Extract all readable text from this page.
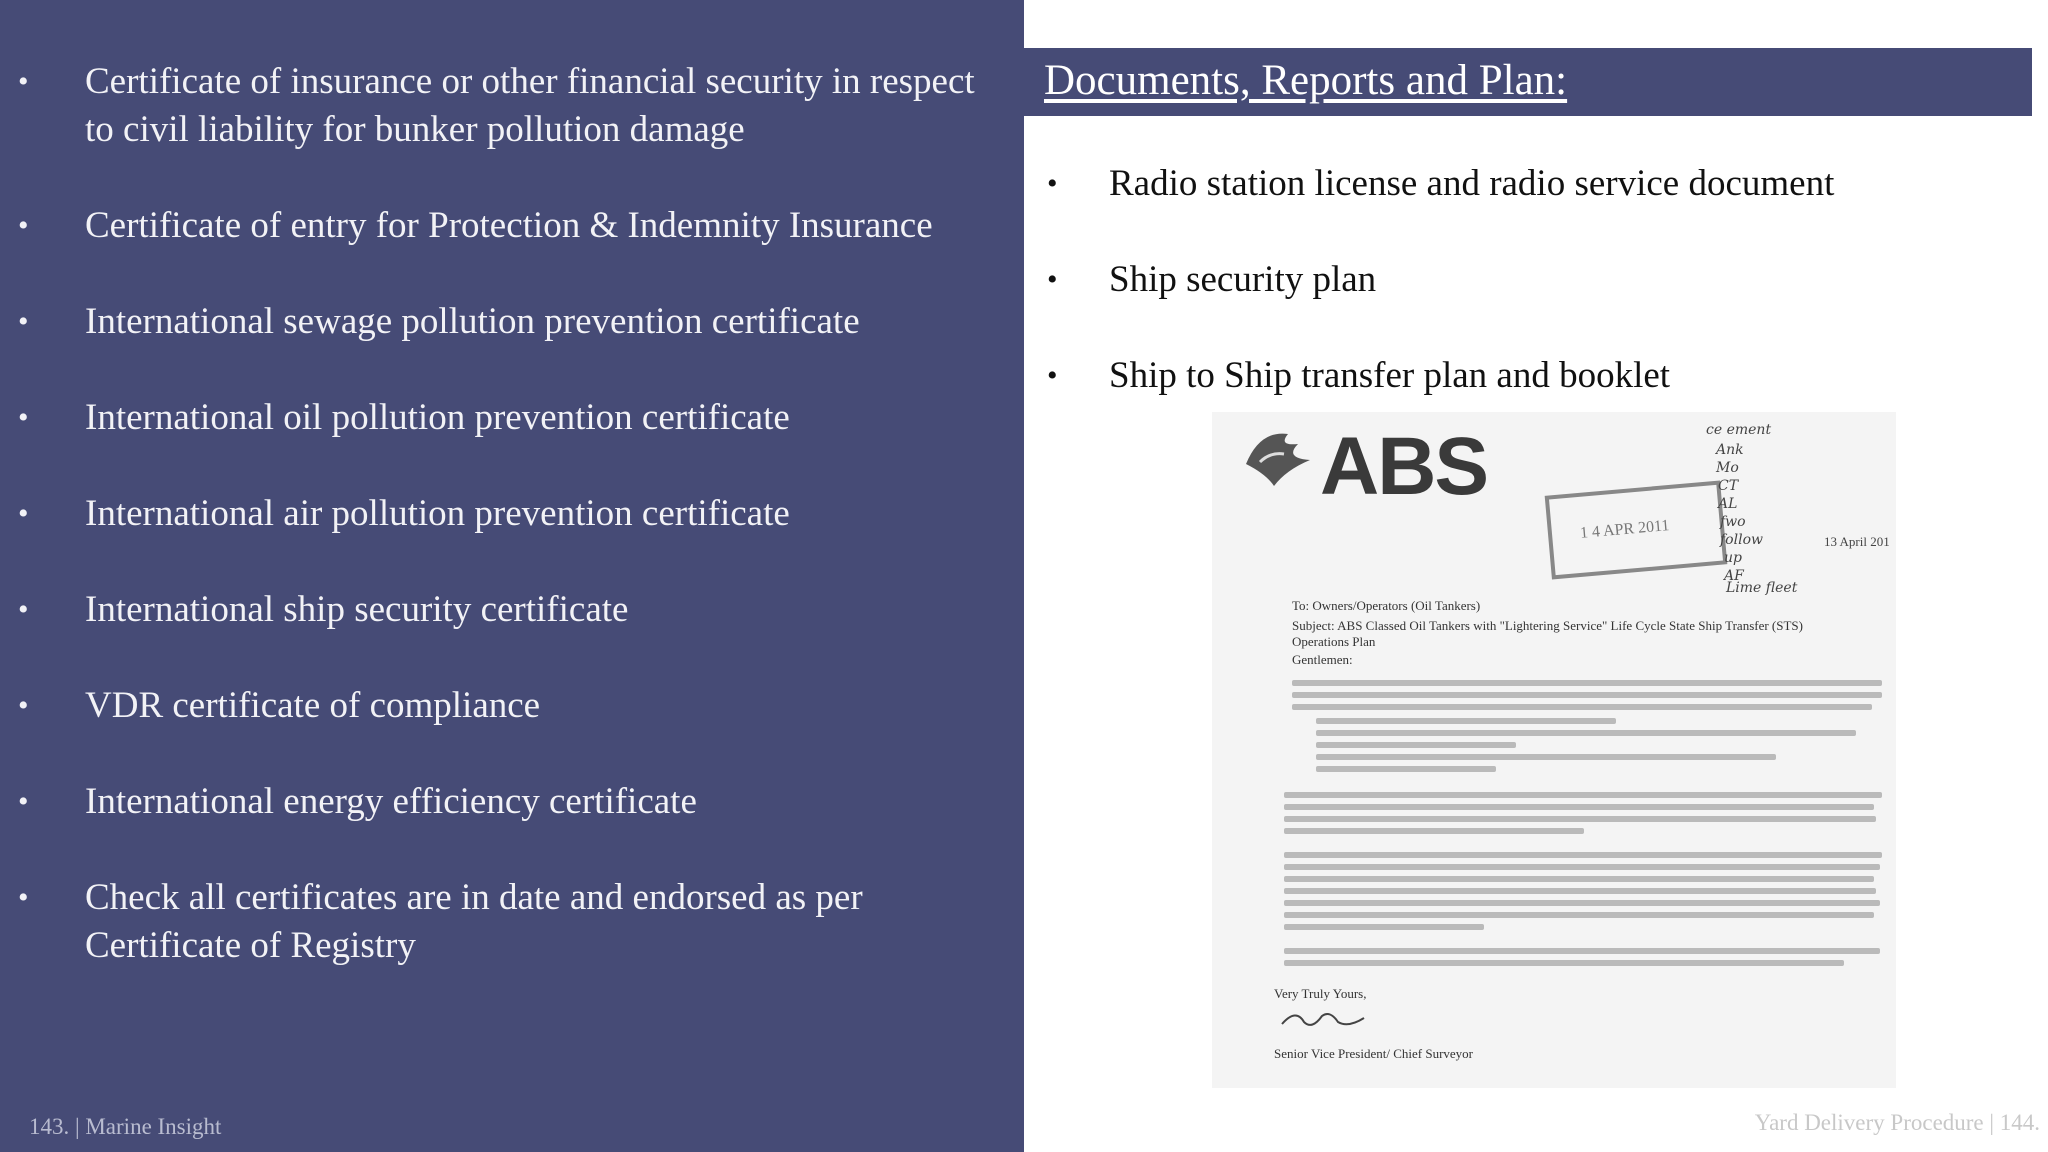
• Certificate of insurance or other financial security in respect to civil liability for bunker pollution damage
• Certificate of entry for Protection & Indemnity Insurance
• International sewage pollution prevention certificate
• International oil pollution prevention certificate
• International air pollution prevention certificate
• International ship security certificate
• VDR certificate of compliance
• International energy efficiency certificate
• Check all certificates are in date and endorsed as per Certificate of Registry
143. | Marine Insight
Documents, Reports and Plan:
• Radio station license and radio service document
• Ship security plan
• Ship to Ship transfer plan and booklet
ABS
1 4 APR 2011
ce ement
Ank
Mo
CT
AL
fwo
follow
up
AF
Lime fleet
13 April 201
To: Owners/Operators (Oil Tankers)
Subject: ABS Classed Oil Tankers with "Lightering Service" Life Cycle State Ship Transfer (STS) Operations Plan
Gentlemen:
Very Truly Yours,
Senior Vice President/ Chief Surveyor
Yard Delivery Procedure | 144.
